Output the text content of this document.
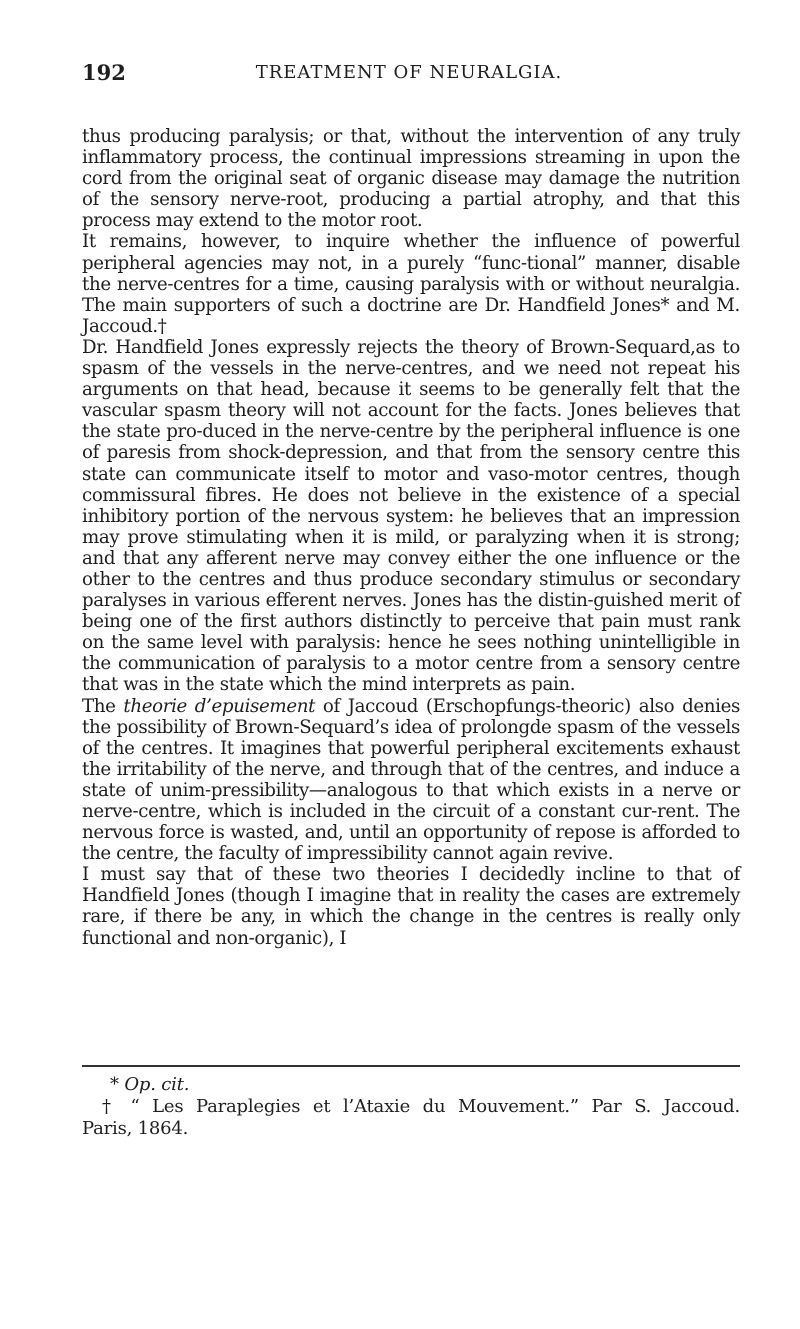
192	TREATMENT OF NEURALGIA.

thus producing paralysis; or that, without the intervention of any truly inflammatory process, the continual impressions streaming in upon the cord from the original seat of organic disease may damage the nutrition of the sensory nerve-root, producing a partial atrophy, and that this process may extend to the motor root.

It remains, however, to inquire whether the influence of powerful peripheral agencies may not, in a purely “func-tional” manner, disable the nerve-centres for a time, causing paralysis with or without neuralgia. The main supporters of such a doctrine are Dr. Handfield Jones* and M. Jaccoud.†

Dr. Handfield Jones expressly rejects the theory of Brown-Sequard,as to spasm of the vessels in the nerve-centres, and we need not repeat his arguments on that head, because it seems to be generally felt that the vascular spasm theory will not account for the facts. Jones believes that the state pro-duced in the nerve-centre by the peripheral influence is one of paresis from shock-depression, and that from the sensory centre this state can communicate itself to motor and vaso-motor centres, though commissural fibres. He does not believe in the existence of a special inhibitory portion of the nervous system: he believes that an impression may prove stimulating when it is mild, or paralyzing when it is strong; and that any afferent nerve may convey either the one influence or the other to the centres and thus produce secondary stimulus or secondary paralyses in various efferent nerves. Jones has the distin-guished merit of being one of the first authors distinctly to perceive that pain must rank on the same level with paralysis: hence he sees nothing unintelligible in the communication of paralysis to a motor centre from a sensory centre that was in the state which the mind interprets as pain.

The theorie d’epuisement of Jaccoud (Erschopfungs-theoric) also denies the possibility of Brown-Sequard’s idea of prolongde spasm of the vessels of the centres. It imagines that powerful peripheral excitements exhaust the irritability of the nerve, and through that of the centres, and induce a state of unim-pressibility—analogous to that which exists in a nerve or nerve-centre, which is included in the circuit of a constant cur-rent. The nervous force is wasted, and, until an opportunity of repose is afforded to the centre, the faculty of impressibility cannot again revive.

I must say that of these two theories I decidedly incline to that of Handfield Jones (though I imagine that in reality the cases are extremely rare, if there be any, in which the change in the centres is really only functional and non-organic), I

* Op. cit.

† “ Les Paraplegies et l’Ataxie du Mouvement.” Par S. Jaccoud.

Paris, 1864.
